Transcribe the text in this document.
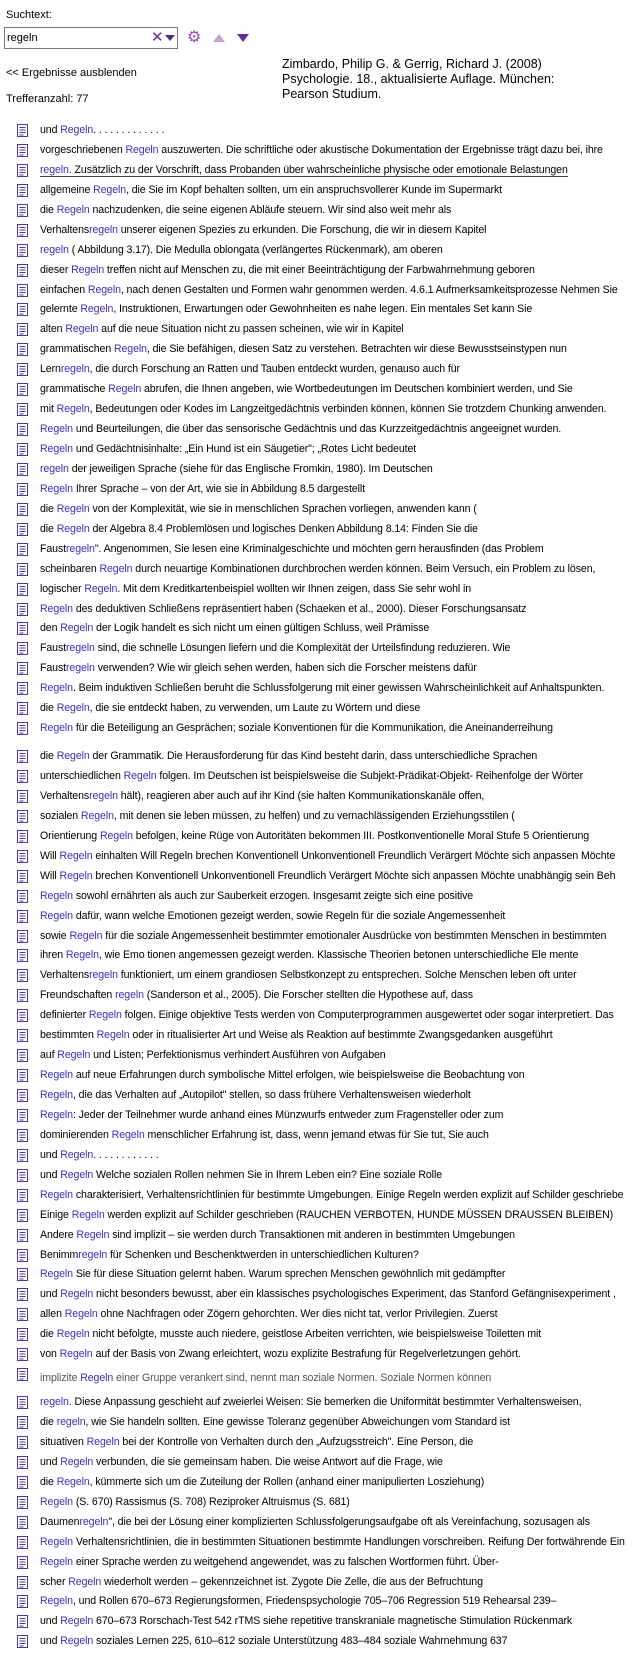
Suchtext:
regeln
✕ ⚙
<< Ergebnisse ausblenden
Trefferanzahl: 77
Zimbardo, Philip G. & Gerrig, Richard J. (2008) Psychologie. 18., aktualisierte Auflage. München: Pearson Studium.
und Regeln. . . . . . . . . . . . .
vorgeschriebenen Regeln auszuwerten. Die schriftliche oder akustische Dokumentation der Ergebnisse trägt dazu bei, ihre
regeln. Zusätzlich zu der Vorschrift, dass Probanden über wahrscheinliche physische oder emotionale Belastungen
allgemeine Regeln, die Sie im Kopf behalten sollten, um ein anspruchsvollerer Kunde im Supermarkt
die Regeln nachzudenken, die seine eigenen Abläufe steuern. Wir sind also weit mehr als
Verhaltensregeln unserer eigenen Spezies zu erkunden. Die Forschung, die wir in diesem Kapitel
regeln ( Abbildung 3.17). Die Medulla oblongata (verlängertes Rückenmark), am oberen
dieser Regeln treffen nicht auf Menschen zu, die mit einer Beeinträchtigung der Farbwahrnehmung geboren
einfachen Regeln, nach denen Gestalten und Formen wahr genommen werden. 4.6.1 Aufmerksamkeitsprozesse Nehmen Sie
gelernte Regeln, Instruktionen, Erwartungen oder Gewohnheiten es nahe legen. Ein mentales Set kann Sie
alten Regeln auf die neue Situation nicht zu passen scheinen, wie wir in Kapitel
grammatischen Regeln, die Sie befähigen, diesen Satz zu verstehen. Betrachten wir diese Bewusstseinstypen nun
Lernregeln, die durch Forschung an Ratten und Tauben entdeckt wurden, genauso auch für
grammatische Regeln abrufen, die Ihnen angeben, wie Wortbedeutungen im Deutschen kombiniert werden, und Sie
mit Regeln, Bedeutungen oder Kodes im Langzeitgedächtnis verbinden können, können Sie trotzdem Chunking anwenden.
Regeln und Beurteilungen, die über das sensorische Gedächtnis und das Kurzzeitgedächtnis angeeignet wurden.
Regeln und Gedächtnisinhalte: „Ein Hund ist ein Säugetier"; „Rotes Licht bedeutet
regeln der jeweiligen Sprache (siehe für das Englische Fromkin, 1980). Im Deutschen
Regeln Ihrer Sprache – von der Art, wie sie in Abbildung 8.5 dargestellt
die Regeln von der Komplexität, wie sie in menschlichen Sprachen vorliegen, anwenden kann (
die Regeln der Algebra 8.4 Problemlösen und logisches Denken Abbildung 8.14: Finden Sie die
Faustregeln". Angenommen, Sie lesen eine Kriminalgeschichte und möchten gern herausfinden (das Problem
scheinbaren Regeln durch neuartige Kombinationen durchbrochen werden können. Beim Versuch, ein Problem zu lösen,
logischer Regeln. Mit dem Kreditkartenbeispiel wollten wir Ihnen zeigen, dass Sie sehr wohl in
Regeln des deduktiven Schließens repräsentiert haben (Schaeken et al., 2000). Dieser Forschungsansatz
den Regeln der Logik handelt es sich nicht um einen gültigen Schluss, weil Prämisse
Faustregeln sind, die schnelle Lösungen liefern und die Komplexität der Urteilsfindung reduzieren. Wie
Faustregeln verwenden? Wie wir gleich sehen werden, haben sich die Forscher meistens dafür
Regeln. Beim induktiven Schließen beruht die Schlussfolgerung mit einer gewissen Wahrscheinlichkeit auf Anhaltspunkten.
die Regeln, die sie entdeckt haben, zu verwenden, um Laute zu Wörtern und diese
Regeln für die Beteiligung an Gesprächen; soziale Konventionen für die Kommunikation, die Aneinanderreihung
die Regeln der Grammatik. Die Herausforderung für das Kind besteht darin, dass unterschiedliche Sprachen
unterschiedlichen Regeln folgen. Im Deutschen ist beispielsweise die Subjekt-Prädikat-Objekt- Reihenfolge der Wörter
Verhaltensregeln hält), reagieren aber auch auf ihr Kind (sie halten Kommunikationskanäle offen,
sozialen Regeln, mit denen sie leben müssen, zu helfen) und zu vernachlässigenden Erziehungsstilen (
Orientierung Regeln befolgen, keine Rüge von Autoritäten bekommen III. Postkonventionelle Moral Stufe 5 Orientierung
Will Regeln einhalten Will Regeln brechen Konventionell Unkonventionell Freundlich Verärgert Möchte sich anpassen Möchte
Will Regeln brechen Konventionell Unkonventionell Freundlich Verärgert Möchte sich anpassen Möchte unabhängig sein Beh
Regeln sowohl ernährten als auch zur Sauberkeit erzogen. Insgesamt zeigte sich eine positive
Regeln dafür, wann welche Emotionen gezeigt werden, sowie Regeln für die soziale Angemessenheit
sowie Regeln für die soziale Angemessenheit bestimmter emotionaler Ausdrücke von bestimmten Menschen in bestimmten
ihren Regeln, wie Emo tionen angemessen gezeigt werden. Klassische Theorien betonen unterschiedliche Ele mente
Verhaltensregeln funktioniert, um einem grandiosen Selbstkonzept zu entsprechen. Solche Menschen leben oft unter
Freundschaften regeln (Sanderson et al., 2005). Die Forscher stellten die Hypothese auf, dass
definierter Regeln folgen. Einige objektive Tests werden von Computerprogrammen ausgewertet oder sogar interpretiert. Das
bestimmten Regeln oder in ritualisierter Art und Weise als Reaktion auf bestimmte Zwangsgedanken ausgeführt
auf Regeln und Listen; Perfektionismus verhindert Ausführen von Aufgaben
Regeln auf neue Erfahrungen durch symbolische Mittel erfolgen, wie beispielsweise die Beobachtung von
Regeln, die das Verhalten auf „Autopilot" stellen, so dass frühere Verhaltensweisen wiederholt
Regeln: Jeder der Teilnehmer wurde anhand eines Münzwurfs entweder zum Fragensteller oder zum
dominierenden Regeln menschlicher Erfahrung ist, dass, wenn jemand etwas für Sie tut, Sie auch
und Regeln. . . . . . . . . . . .
und Regeln Welche sozialen Rollen nehmen Sie in Ihrem Leben ein? Eine soziale Rolle
Regeln charakterisiert, Verhaltensrichtlinien für bestimmte Umgebungen. Einige Regeln werden explizit auf Schilder geschriebe
Einige Regeln werden explizit auf Schilder geschrieben (RAUCHEN VERBOTEN, HUNDE MÜSSEN DRAUSSEN BLEIBEN)
Andere Regeln sind implizit – sie werden durch Transaktionen mit anderen in bestimmten Umgebungen
Benimmregeln für Schenken und Beschenktwerden in unterschiedlichen Kulturen?
Regeln Sie für diese Situation gelernt haben. Warum sprechen Menschen gewöhnlich mit gedämpfter
und Regeln nicht besonders bewusst, aber ein klassisches psychologisches Experiment, das Stanford Gefängnisexperiment ,
allen Regeln ohne Nachfragen oder Zögern gehorchten. Wer dies nicht tat, verlor Privilegien. Zuerst
die Regeln nicht befolgte, musste auch niedere, geistlose Arbeiten verrichten, wie beispielsweise Toiletten mit
von Regeln auf der Basis von Zwang erleichtert, wozu explizite Bestrafung für Regelverletzungen gehört.
implizite Regeln einer Gruppe verankert sind, nennt man soziale Normen. Soziale Normen können
regeln. Diese Anpassung geschieht auf zweierlei Weisen: Sie bemerken die Uniformität bestimmter Verhaltensweisen,
die regeln, wie Sie handeln sollten. Eine gewisse Toleranz gegenüber Abweichungen vom Standard ist
situativen Regeln bei der Kontrolle von Verhalten durch den „Aufzugsstreich". Eine Person, die
und Regeln verbunden, die sie gemeinsam haben. Die weise Antwort auf die Frage, wie
die Regeln, kümmerte sich um die Zuteilung der Rollen (anhand einer manipulierten Losziehung)
Regeln (S. 670) Rassismus (S. 708) Reziproker Altruismus (S. 681)
Daumenregeln", die bei der Lösung einer komplizierten Schlussfolgerungsaufgabe oft als Vereinfachung, sozusagen als
Regeln Verhaltensrichtlinien, die in bestimmten Situationen bestimmte Handlungen vorschreiben. Reifung Der fortwährende Ein
Regeln einer Sprache werden zu weitgehend angewendet, was zu falschen Wortformen führt. Über-
scher Regeln wiederholt werden – gekennzeichnet ist. Zygote Die Zelle, die aus der Befruchtung
Regeln, und Rollen 670–673 Regierungsformen, Friedenspsychologie 705–706 Regression 519 Rehearsal 239–
und Regeln 670–673 Rorschach-Test 542 rTMS siehe repetitive transkraniale magnetische Stimulation Rückenmark
und Regeln soziales Lernen 225, 610–612 soziale Unterstützung 483–484 soziale Wahrnehmung 637
